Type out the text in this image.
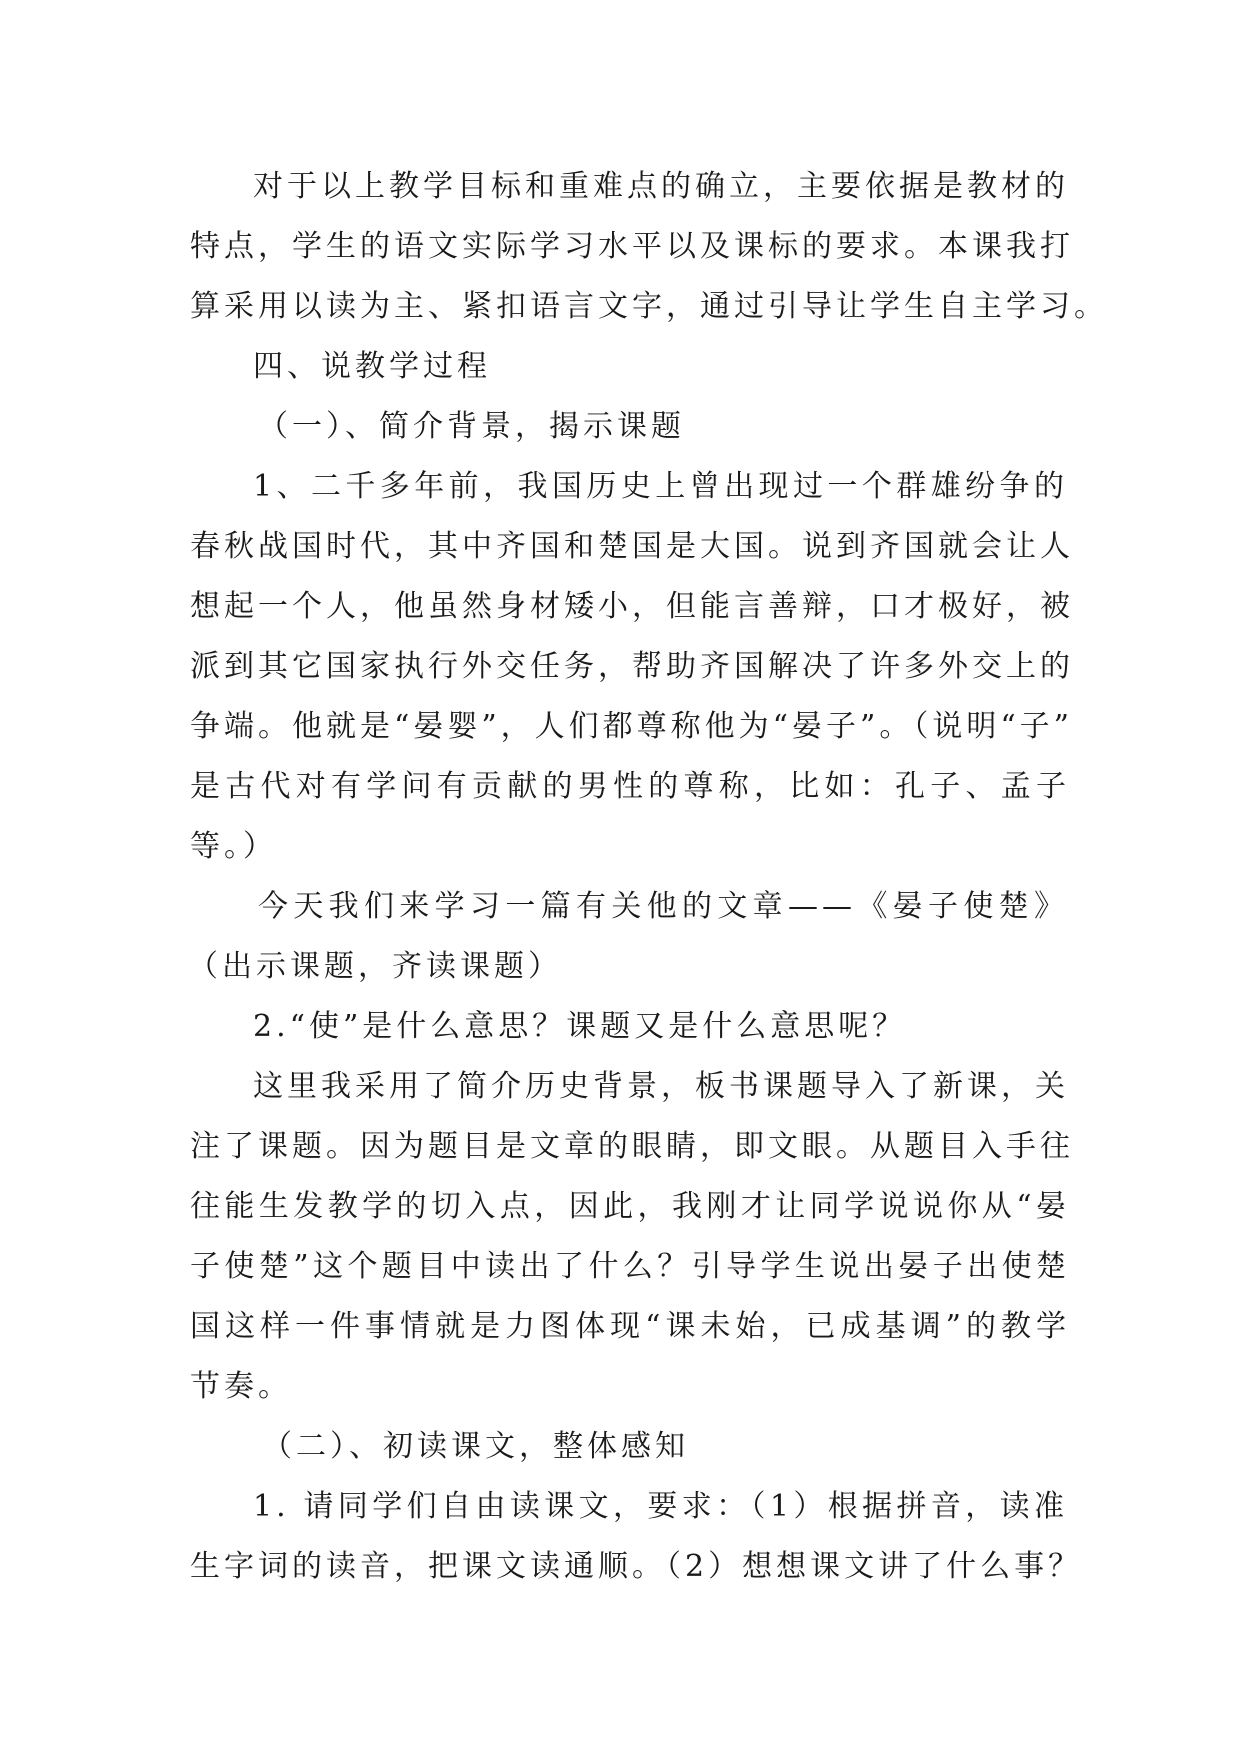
对于以上教学目标和重难点的确立，主要依据是教材的

特点，学生的语文实际学习水平以及课标的要求。本课我打

算采用以读为主、紧扣语言文字，通过引导让学生自主学习。

四、说教学过程

（一）、简介背景，揭示课题

1、二千多年前，我国历史上曾出现过一个群雄纷争的

春秋战国时代，其中齐国和楚国是大国。说到齐国就会让人

想起一个人，他虽然身材矮小，但能言善辩，口才极好，被

派到其它国家执行外交任务，帮助齐国解决了许多外交上的

争端。他就是“晏婴”，人们都尊称他为“晏子”。（说明“子”

是古代对有学问有贡献的男性的尊称，比如：孔子、孟子

等。）

今天我们来学习一篇有关他的文章——《晏子使楚》

（出示课题，齐读课题）

2.“使”是什么意思？课题又是什么意思呢？

这里我采用了简介历史背景，板书课题导入了新课，关

注了课题。因为题目是文章的眼睛，即文眼。从题目入手往

往能生发教学的切入点，因此，我刚才让同学说说你从“晏

子使楚”这个题目中读出了什么？引导学生说出晏子出使楚

国这样一件事情就是力图体现“课未始，已成基调”的教学

节奏。

（二）、初读课文，整体感知

1. 请同学们自由读课文，要求：（1）根据拼音，读准

生字词的读音，把课文读通顺。（2）想想课文讲了什么事？
